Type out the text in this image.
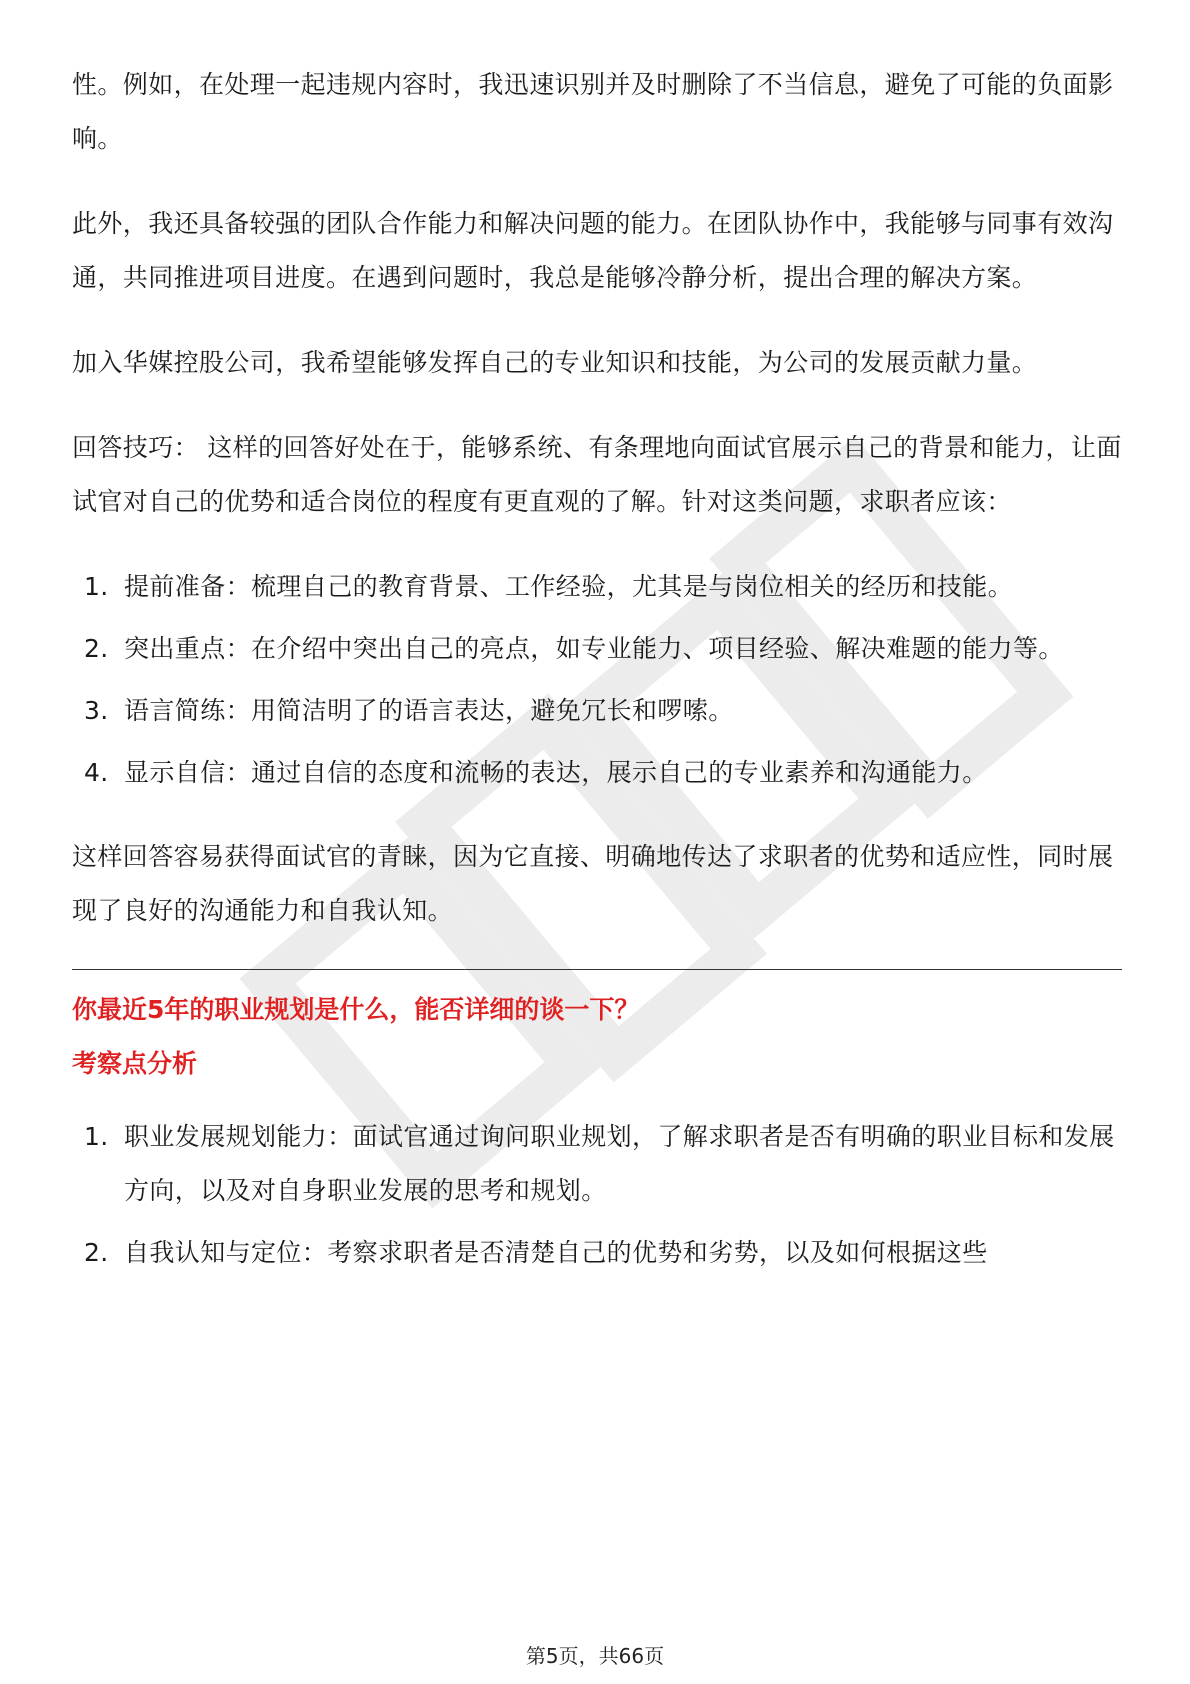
性。例如，在处理一起违规内容时，我迅速识别并及时删除了不当信息，避免了可能的负面影响。

此外，我还具备较强的团队合作能力和解决问题的能力。在团队协作中，我能够与同事有效沟通，共同推进项目进度。在遇到问题时，我总是能够冷静分析，提出合理的解决方案。

加入华媒控股公司，我希望能够发挥自己的专业知识和技能，为公司的发展贡献力量。

回答技巧： 这样的回答好处在于，能够系统、有条理地向面试官展示自己的背景和能力，让面试官对自己的优势和适合岗位的程度有更直观的了解。针对这类问题，求职者应该：

1. 提前准备：梳理自己的教育背景、工作经验，尤其是与岗位相关的经历和技能。
2. 突出重点：在介绍中突出自己的亮点，如专业能力、项目经验、解决难题的能力等。
3. 语言简练：用简洁明了的语言表达，避免冗长和啰嗦。
4. 显示自信：通过自信的态度和流畅的表达，展示自己的专业素养和沟通能力。

这样回答容易获得面试官的青睐，因为它直接、明确地传达了求职者的优势和适应性，同时展现了良好的沟通能力和自我认知。

你最近5年的职业规划是什么，能否详细的谈一下？
考察点分析
1. 职业发展规划能力：面试官通过询问职业规划，了解求职者是否有明确的职业目标和发展方向，以及对自身职业发展的思考和规划。
2. 自我认知与定位：考察求职者是否清楚自己的优势和劣势，以及如何根据这些
第5页，共66页
